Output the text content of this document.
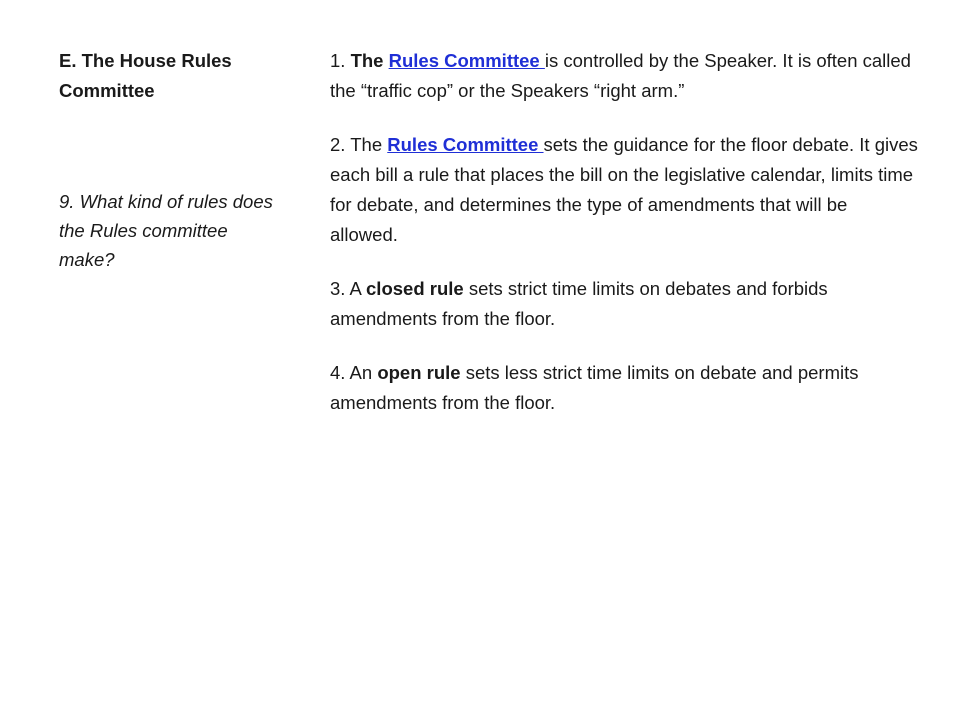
E. The House Rules Committee
9. What kind of rules does the Rules committee make?

1. The Rules Committee is controlled by the Speaker. It is often called the “traffic cop” or the Speakers “right arm.”

2. The Rules Committee sets the guidance for the floor debate. It gives each bill a rule that places the bill on the legislative calendar, limits time for debate, and determines the type of amendments that will be allowed.

3. A closed rule sets strict time limits on debates and forbids amendments from the floor.

4. An open rule sets less strict time limits on debate and permits amendments from the floor.
